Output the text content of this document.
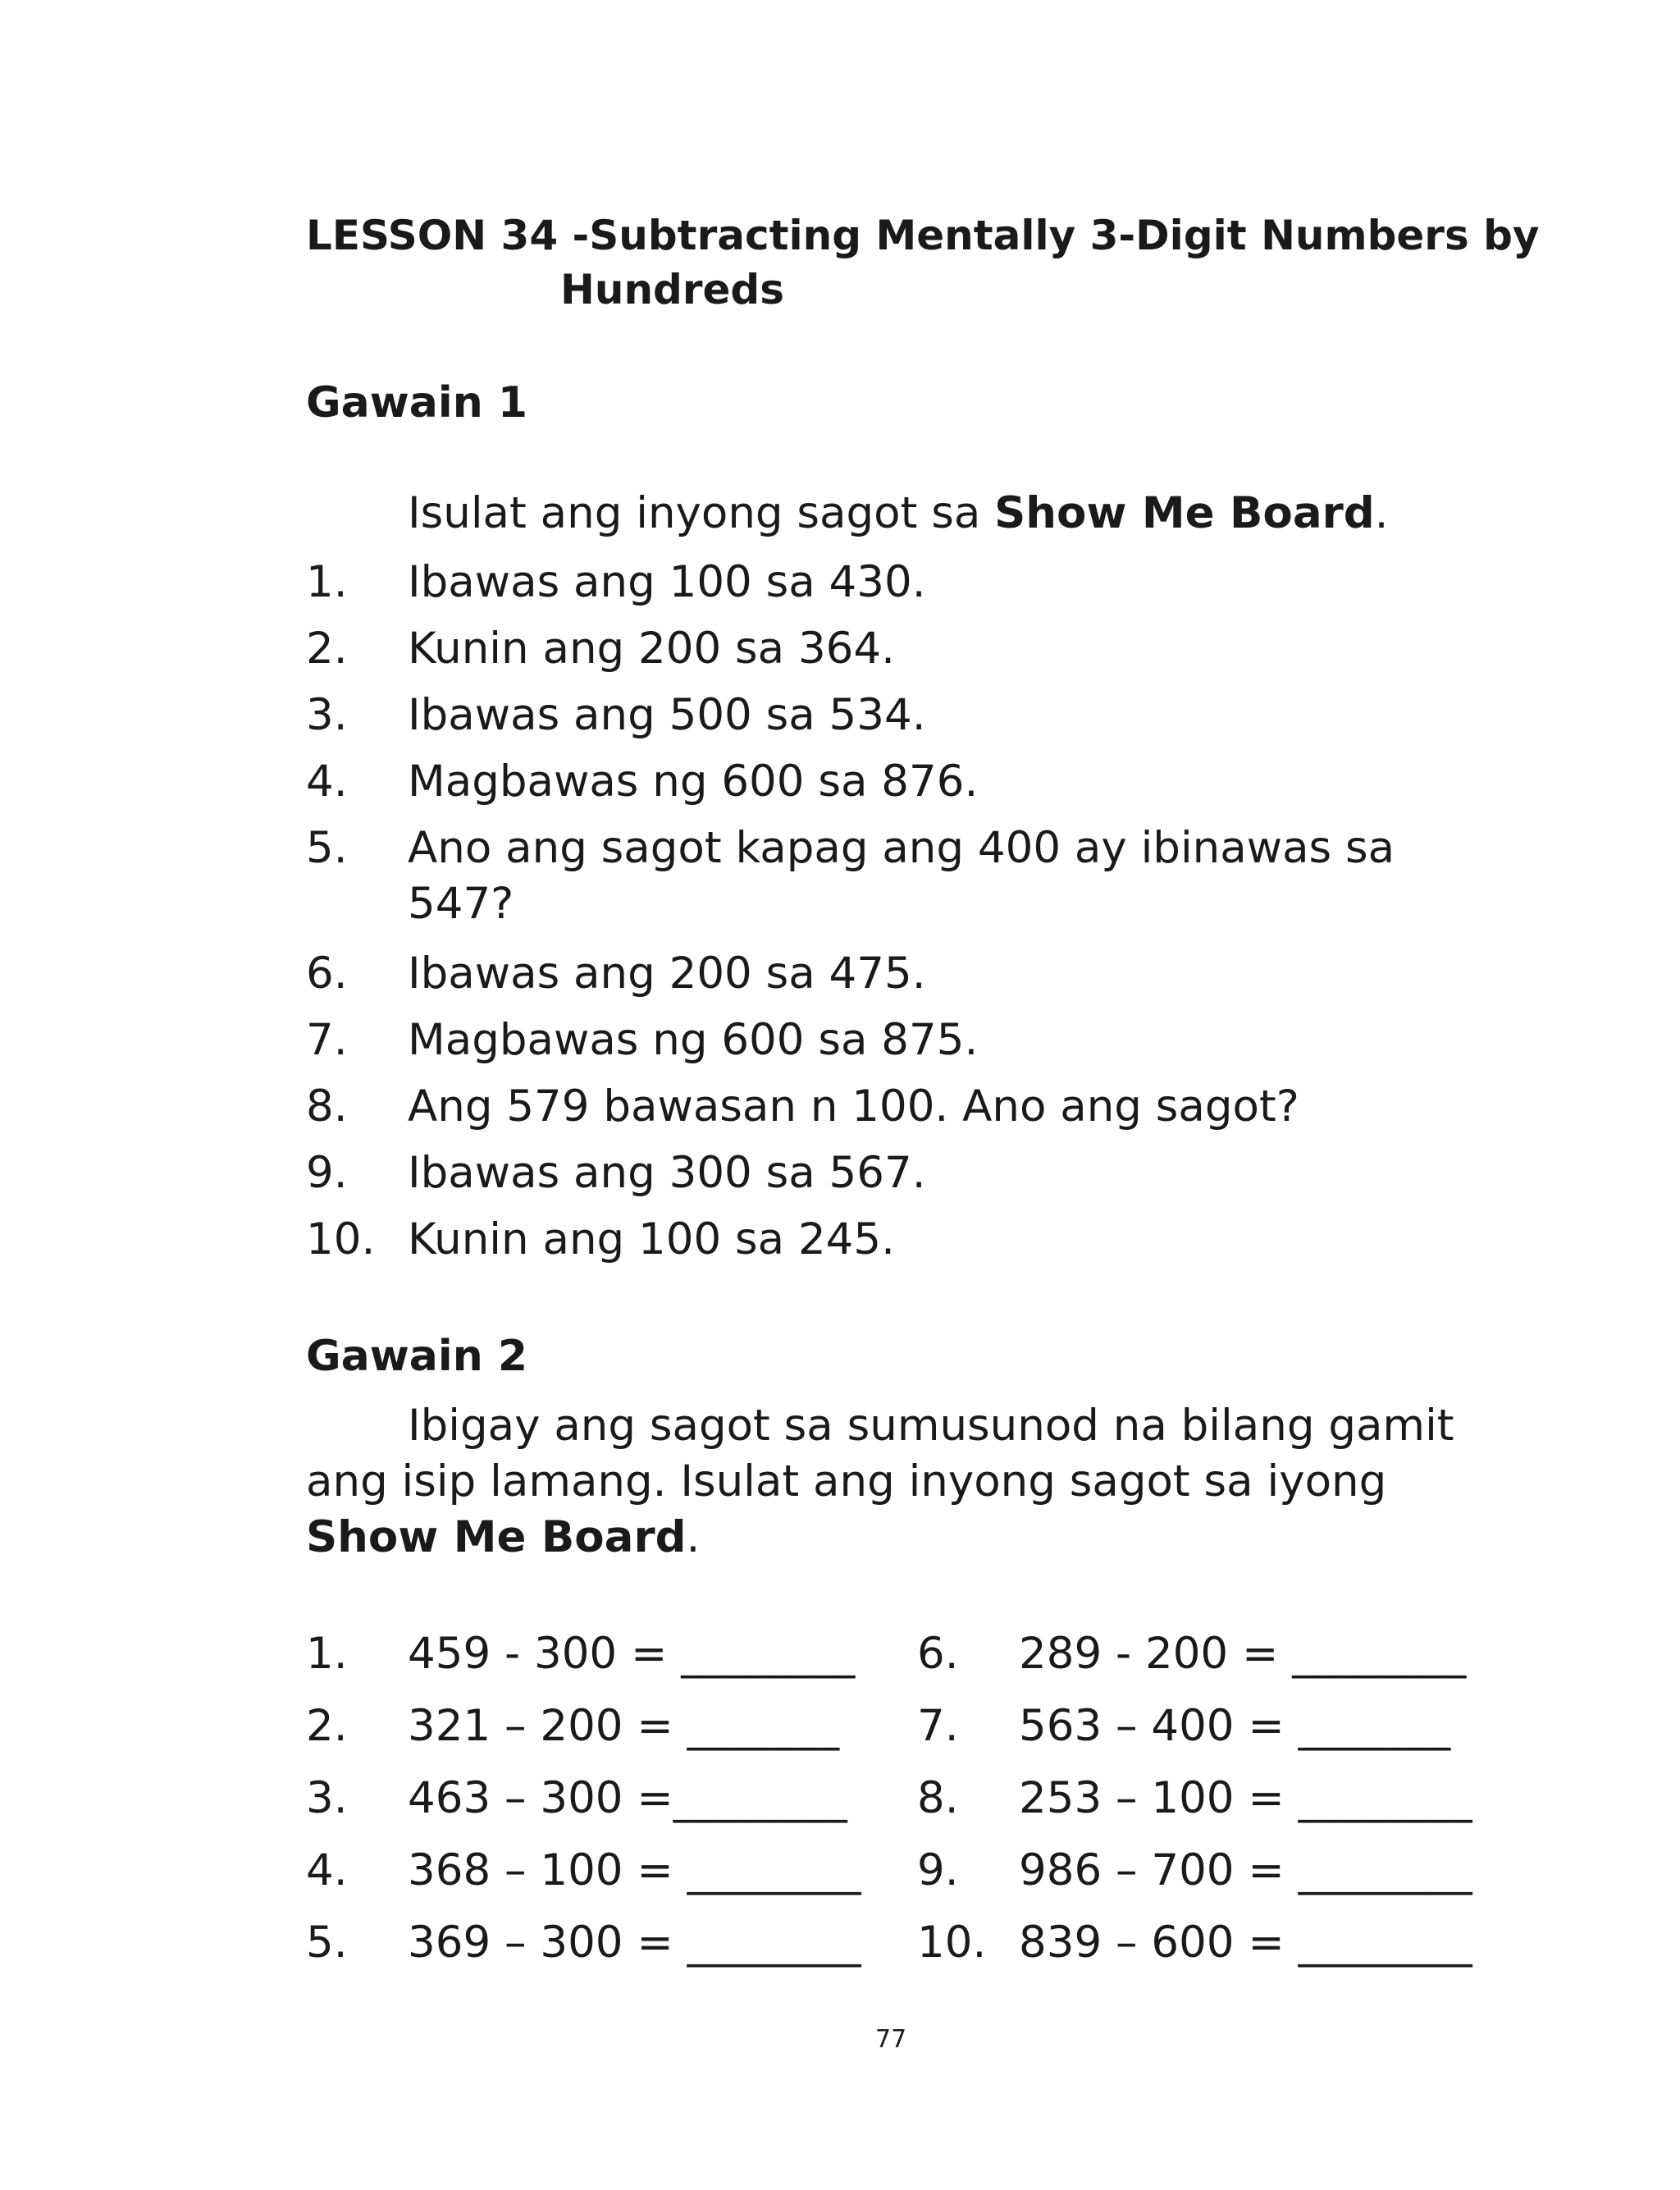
LESSON 34 -Subtracting Mentally 3-Digit Numbers by
Hundreds
Gawain 1
Isulat ang inyong sagot sa Show Me Board.
1. Ibawas ang 100 sa 430.
2. Kunin ang 200 sa 364.
3. Ibawas ang 500 sa 534.
4. Magbawas ng 600 sa 876.
5. Ano ang sagot kapag ang 400 ay ibinawas sa
547?
6. Ibawas ang 200 sa 475.
7. Magbawas ng 600 sa 875.
8. Ang 579 bawasan n 100. Ano ang sagot?
9. Ibawas ang 300 sa 567.
10. Kunin ang 100 sa 245.
Gawain 2
Ibigay ang sagot sa sumusunod na bilang gamit
ang isip lamang. Isulat ang inyong sagot sa iyong
Show Me Board.
1. 459 - 300 = ________
2. 321 – 200 = _______
3. 463 – 300 =________
4. 368 – 100 = ________
5. 369 – 300 = ________
6. 289 - 200 = ________
7. 563 – 400 = _______
8. 253 – 100 = ________
9. 986 – 700 = ________
10. 839 – 600 = ________
77
